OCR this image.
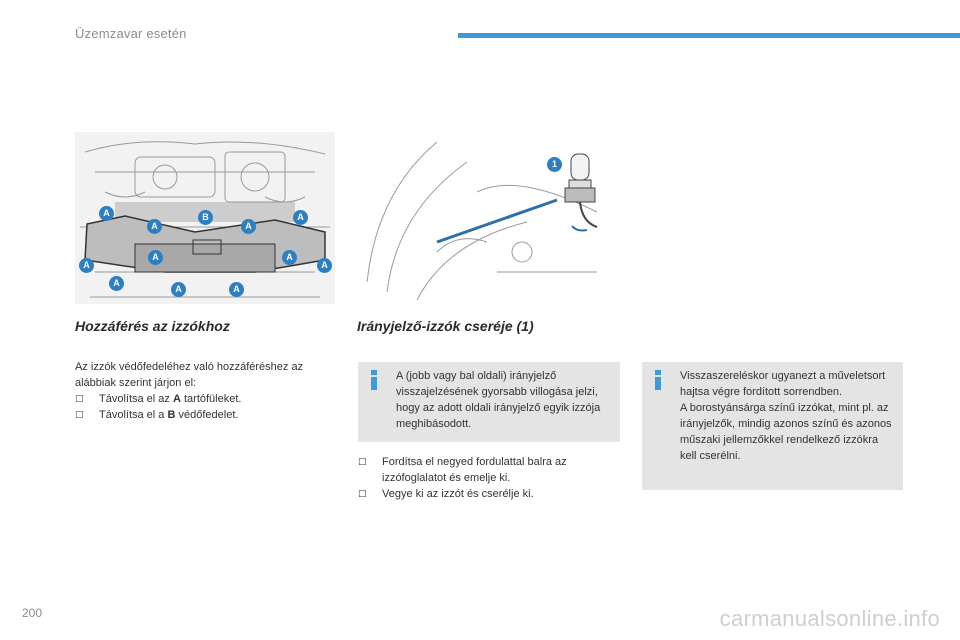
Üzemzavar esetén
A
A
A
B
A
A
A
A	A
A
A	A
1
Hozzáférés az izzókhoz	Irányjelző-izzók cseréje (1)
Az izzók védőfedeléhez való hozzáféréshez az alábbiak szerint járjon el:
□	Távolítsa el az A tartófüleket.
□	Távolítsa el a B védőfedelet.
A (jobb vagy bal oldali) irányjelző visszajelzésének gyorsabb villogása jelzi, hogy az adott oldali irányjelző egyik izzója meghibásodott.
□	Fordítsa el negyed fordulattal balra az izzófoglalatot és emelje ki.
□	Vegye ki az izzót és cserélje ki.
Visszaszereléskor ugyanezt a műveletsort hajtsa végre fordított sorrendben.
A borostyánsárga színű izzókat, mint pl. az irányjelzők, mindig azonos színű és azonos műszaki jellemzőkkel rendelkező izzókra kell cserélni.
200	carmanualsonline.info
